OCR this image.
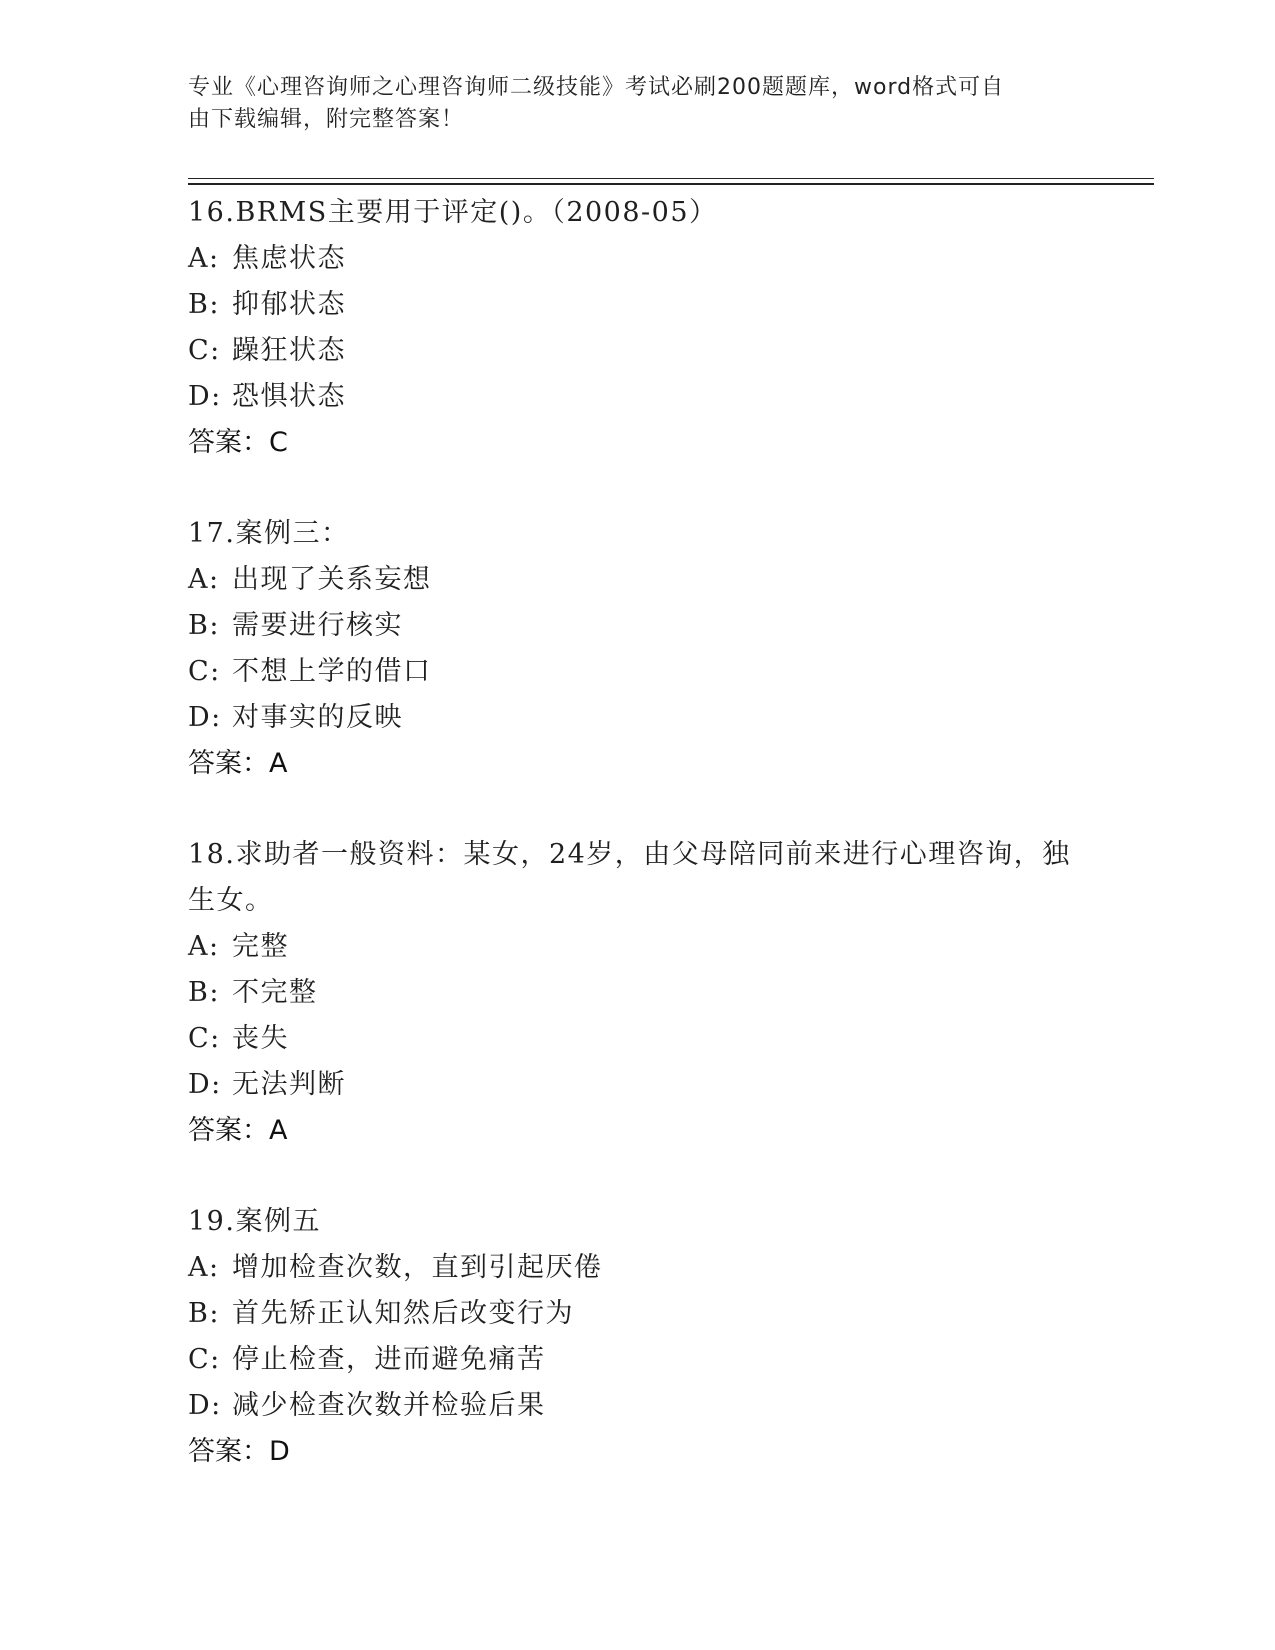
专业《心理咨询师之心理咨询师二级技能》考试必刷200题题库，word格式可自
由下载编辑，附完整答案！
16.BRMS主要用于评定()。（2008-05）
A: 焦虑状态
B: 抑郁状态
C: 躁狂状态
D: 恐惧状态
答案：C
17.案例三：
A: 出现了关系妄想
B: 需要进行核实
C: 不想上学的借口
D: 对事实的反映
答案：A
18.求助者一般资料：某女，24岁，由父母陪同前来进行心理咨询，独
生女。
A: 完整
B: 不完整
C: 丧失
D: 无法判断
答案：A
19.案例五
A: 增加检查次数，直到引起厌倦
B: 首先矫正认知然后改变行为
C: 停止检查，进而避免痛苦
D: 减少检查次数并检验后果
答案：D
